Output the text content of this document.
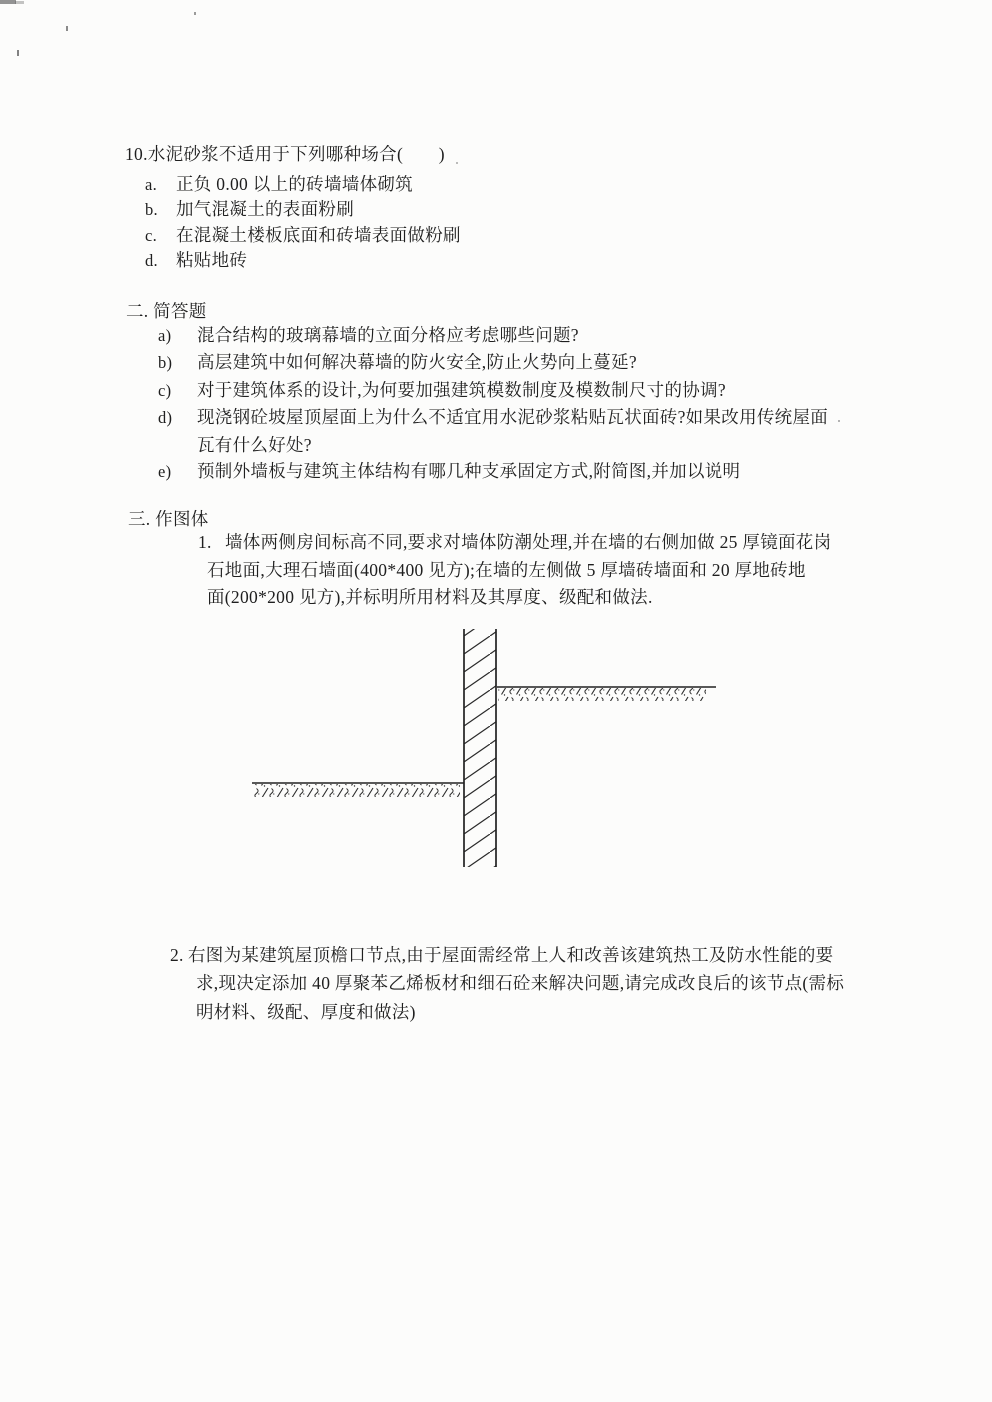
10.水泥砂浆不适用于下列哪种场合(　　)
a. 正负 0.00 以上的砖墙墙体砌筑
b. 加气混凝土的表面粉刷
c. 在混凝土楼板底面和砖墙表面做粉刷
d. 粘贴地砖
二. 简答题
a) 混合结构的玻璃幕墙的立面分格应考虑哪些问题?
b) 高层建筑中如何解决幕墙的防火安全,防止火势向上蔓延?
c) 对于建筑体系的设计,为何要加强建筑模数制度及模数制尺寸的协调?
d) 现浇钢砼坡屋顶屋面上为什么不适宜用水泥砂浆粘贴瓦状面砖?如果改用传统屋面
瓦有什么好处?
e) 预制外墙板与建筑主体结构有哪几种支承固定方式,附简图,并加以说明
三. 作图体
1. 墙体两侧房间标高不同,要求对墙体防潮处理,并在墙的右侧加做 25 厚镜面花岗
石地面,大理石墙面(400*400 见方);在墙的左侧做 5 厚墙砖墙面和 20 厚地砖地
面(200*200 见方),并标明所用材料及其厚度、级配和做法.
2. 右图为某建筑屋顶檐口节点,由于屋面需经常上人和改善该建筑热工及防水性能的要
求,现决定添加 40 厚聚苯乙烯板材和细石砼来解决问题,请完成改良后的该节点(需标
明材料、级配、厚度和做法)
